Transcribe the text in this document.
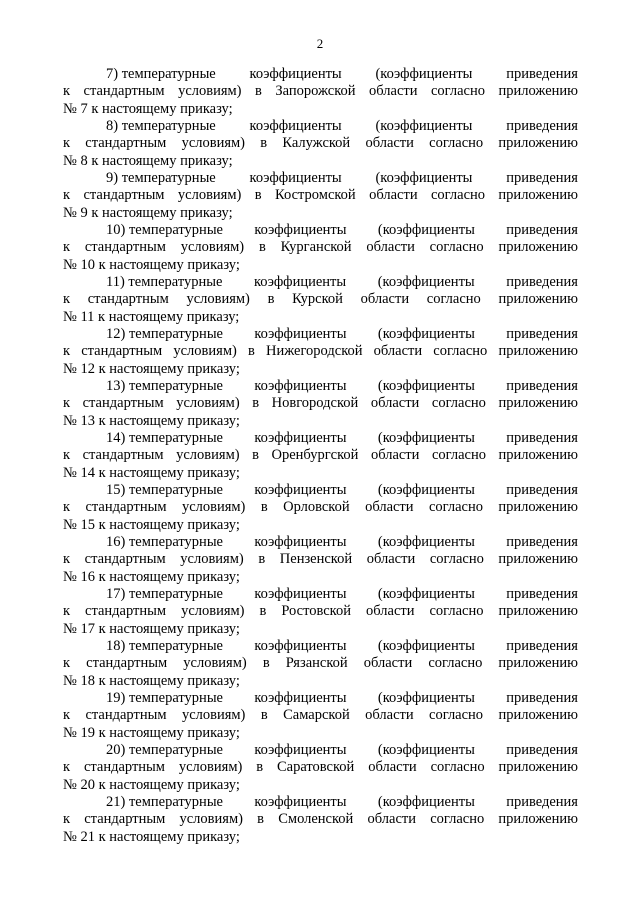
2
7) температурные коэффициенты (коэффициенты приведения
к стандартным условиям) в Запорожской области согласно приложению
№ 7 к настоящему приказу;
8) температурные коэффициенты (коэффициенты приведения
к стандартным условиям) в Калужской области согласно приложению
№ 8 к настоящему приказу;
9) температурные коэффициенты (коэффициенты приведения
к стандартным условиям) в Костромской области согласно приложению
№ 9 к настоящему приказу;
10) температурные коэффициенты (коэффициенты приведения
к стандартным условиям) в Курганской области согласно приложению
№ 10 к настоящему приказу;
11) температурные коэффициенты (коэффициенты приведения
к стандартным условиям) в Курской области согласно приложению
№ 11 к настоящему приказу;
12) температурные коэффициенты (коэффициенты приведения
к стандартным условиям) в Нижегородской области согласно приложению
№ 12 к настоящему приказу;
13) температурные коэффициенты (коэффициенты приведения
к стандартным условиям) в Новгородской области согласно приложению
№ 13 к настоящему приказу;
14) температурные коэффициенты (коэффициенты приведения
к стандартным условиям) в Оренбургской области согласно приложению
№ 14 к настоящему приказу;
15) температурные коэффициенты (коэффициенты приведения
к стандартным условиям) в Орловской области согласно приложению
№ 15 к настоящему приказу;
16) температурные коэффициенты (коэффициенты приведения
к стандартным условиям) в Пензенской области согласно приложению
№ 16 к настоящему приказу;
17) температурные коэффициенты (коэффициенты приведения
к стандартным условиям) в Ростовской области согласно приложению
№ 17 к настоящему приказу;
18) температурные коэффициенты (коэффициенты приведения
к стандартным условиям) в Рязанской области согласно приложению
№ 18 к настоящему приказу;
19) температурные коэффициенты (коэффициенты приведения
к стандартным условиям) в Самарской области согласно приложению
№ 19 к настоящему приказу;
20) температурные коэффициенты (коэффициенты приведения
к стандартным условиям) в Саратовской области согласно приложению
№ 20 к настоящему приказу;
21) температурные коэффициенты (коэффициенты приведения
к стандартным условиям) в Смоленской области согласно приложению
№ 21 к настоящему приказу;
